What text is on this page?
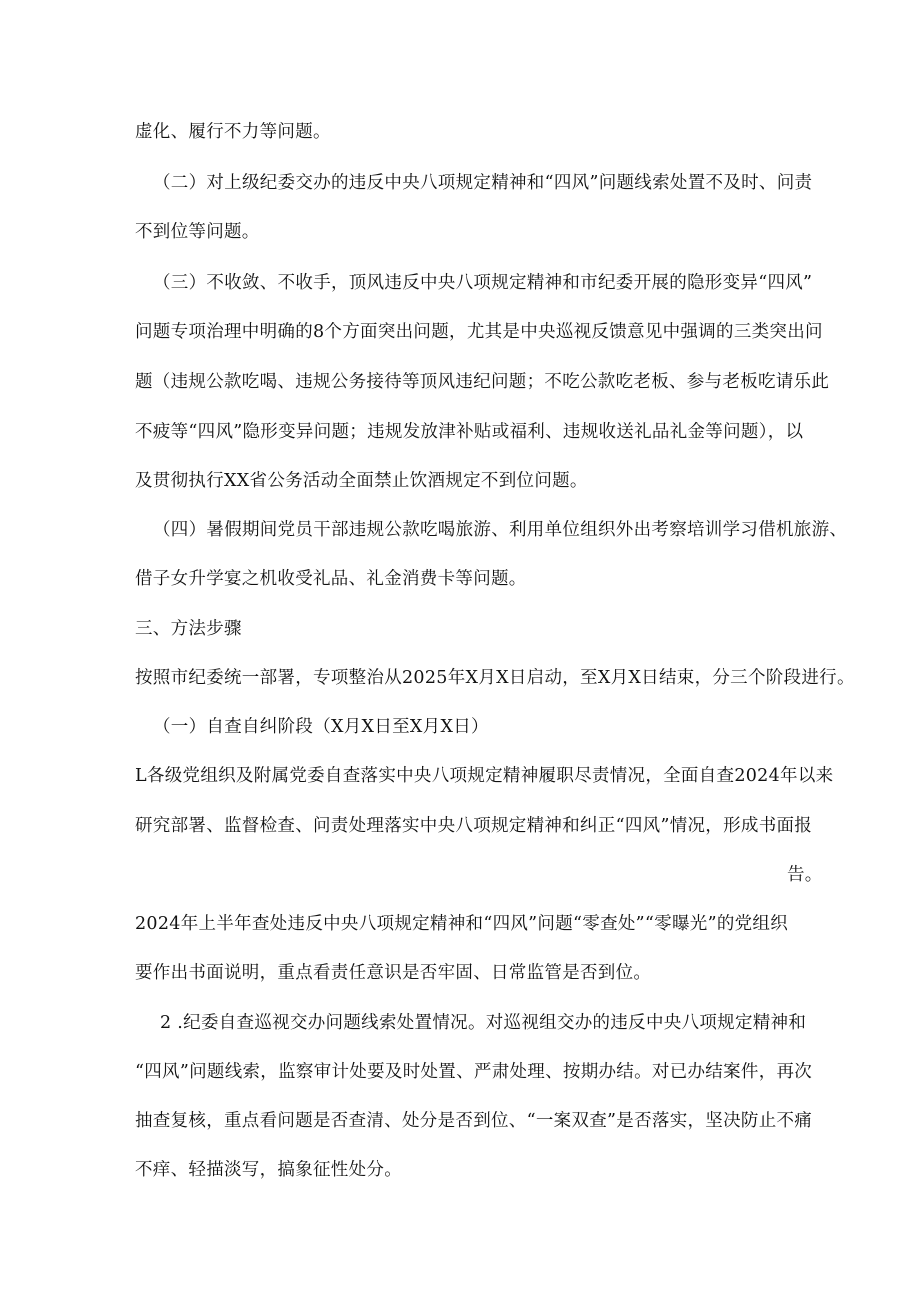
虚化、履行不力等问题。
（二）对上级纪委交办的违反中央八项规定精神和“四风”问题线索处置不及时、问责
不到位等问题。
（三）不收敛、不收手，顶风违反中央八项规定精神和市纪委开展的隐形变异“四风”
问题专项治理中明确的8个方面突出问题，尤其是中央巡视反馈意见中强调的三类突出问
题（违规公款吃喝、违规公务接待等顶风违纪问题；不吃公款吃老板、参与老板吃请乐此
不疲等“四风”隐形变异问题；违规发放津补贴或福利、违规收送礼品礼金等问题），以
及贯彻执行XX省公务活动全面禁止饮酒规定不到位问题。
（四）暑假期间党员干部违规公款吃喝旅游、利用单位组织外出考察培训学习借机旅游、
借子女升学宴之机收受礼品、礼金消费卡等问题。
三、方法步骤
按照市纪委统一部署，专项整治从2025年X月X日启动，至X月X日结束，分三个阶段进行。
（一）自查自纠阶段（X月X日至X月X日）
L各级党组织及附属党委自查落实中央八项规定精神履职尽责情况，全面自查2024年以来
研究部署、监督检查、问责处理落实中央八项规定精神和纠正“四风”情况，形成书面报
告。
2024年上半年查处违反中央八项规定精神和“四风”问题“零查处”“零曝光”的党组织
要作出书面说明，重点看责任意识是否牢固、日常监管是否到位。
2 .纪委自查巡视交办问题线索处置情况。对巡视组交办的违反中央八项规定精神和
“四风”问题线索，监察审计处要及时处置、严肃处理、按期办结。对已办结案件，再次
抽查复核，重点看问题是否查清、处分是否到位、“一案双查”是否落实，坚决防止不痛
不痒、轻描淡写，搞象征性处分。
